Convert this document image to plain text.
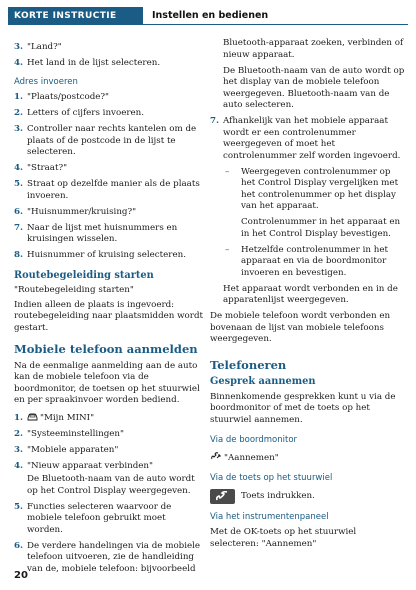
KORTE INSTRUCTIE	Instellen en bedienen
3. "Land?"
4. Het land in de lijst selecteren.
Adres invoeren
1. "Plaats/postcode?"
2. Letters of cijfers invoeren.
3. Controller naar rechts kantelen om de plaats of de postcode in de lijst te selecteren.
4. "Straat?"
5. Straat op dezelfde manier als de plaats invoeren.
6. "Huisnummer/kruising?"
7. Naar de lijst met huisnummers en kruisingen wisselen.
8. Huisnummer of kruising selecteren.
Routebegeleiding starten
"Routebegeleiding starten"
Indien alleen de plaats is ingevoerd: routebegeleiding naar plaatsmidden wordt gestart.
Mobiele telefoon aanmelden
Na de eenmalige aanmelding aan de auto kan de mobiele telefoon via de boordmonitor, de toetsen op het stuurwiel en per spraakinvoer worden bediend.
1. "Mijn MINI"
2. "Systeeminstellingen"
3. "Mobiele apparaten"
4. "Nieuw apparaat verbinden"
De Bluetooth-naam van de auto wordt op het Control Display weergegeven.
5. Functies selecteren waarvoor de mobiele telefoon gebruikt moet worden.
6. De verdere handelingen via de mobiele telefoon uitvoeren, zie de handleiding van de, mobiele telefoon: bijvoorbeeld
Bluetooth-apparaat zoeken, verbinden of nieuw apparaat.
De Bluetooth-naam van de auto wordt op het display van de mobiele telefoon weergegeven. Bluetooth-naam van de auto selecteren.
7. Afhankelijk van het mobiele apparaat wordt er een controlenummer weergegeven of moet het controlenummer zelf worden ingevoerd.
– Weergegeven controlenummer op het Control Display vergelijken met het controlenummer op het display van het apparaat.
Controlenummer in het apparaat en in het Control Display bevestigen.
– Hetzelfde controlenummer in het apparaat en via de boordmonitor invoeren en bevestigen.
Het apparaat wordt verbonden en in de apparatenlijst weergegeven.
De mobiele telefoon wordt verbonden en bovenaan de lijst van mobiele telefoons weergegeven.
Telefoneren
Gesprek aannemen
Binnenkomende gesprekken kunt u via de boordmonitor of met de toets op het stuurwiel aannemen.
Via de boordmonitor
"Aannemen"
Via de toets op het stuurwiel
Toets indrukken.
Via het instrumentenpaneel
Met de OK-toets op het stuurwiel selecteren: "Aannemen"
20
